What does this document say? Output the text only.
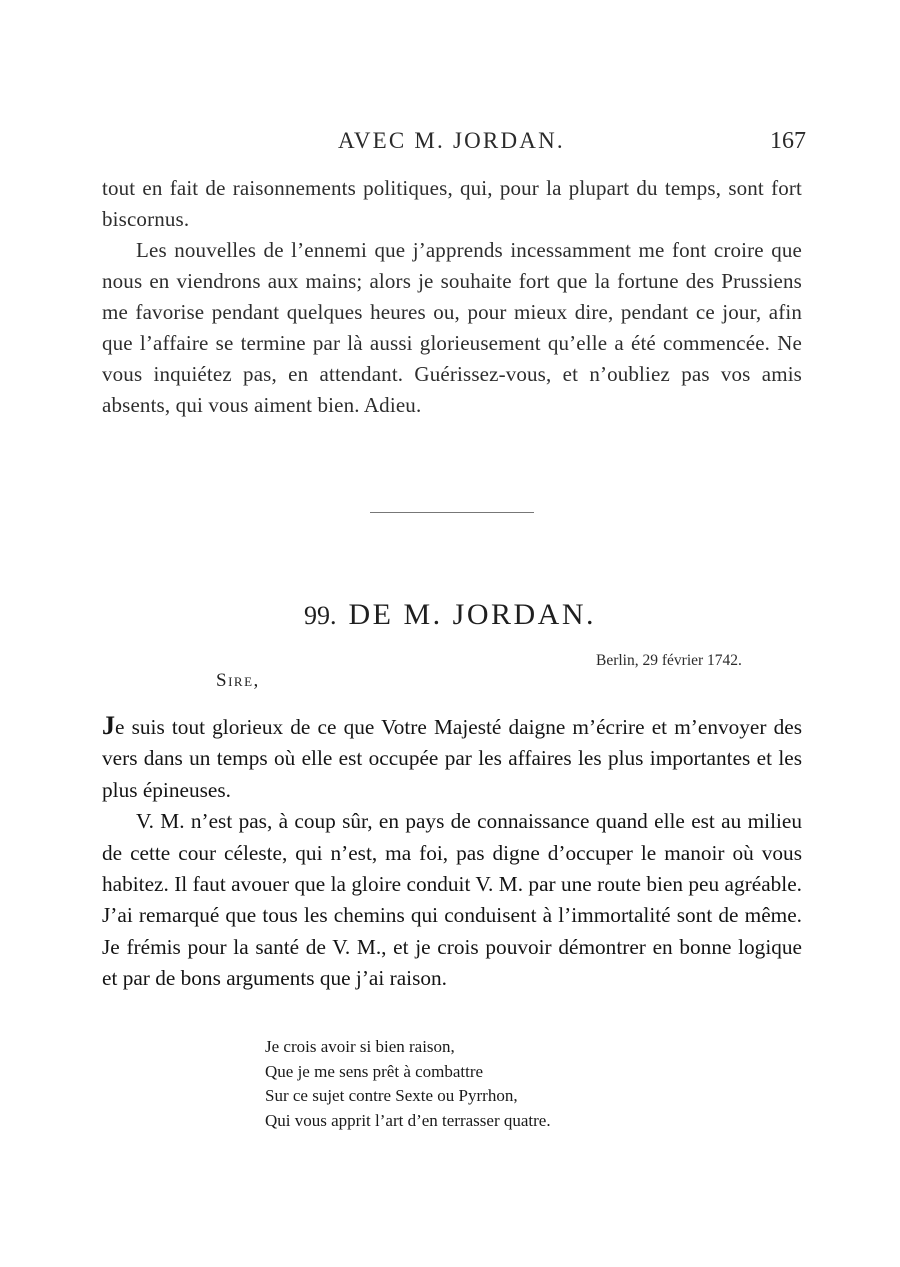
AVEC M. JORDAN.	167

tout en fait de raisonnements politiques, qui, pour la plupart du temps, sont fort biscornus.

Les nouvelles de l’ennemi que j’apprends incessamment me font croire que nous en viendrons aux mains; alors je souhaite fort que la fortune des Prussiens me favorise pendant quelques heures ou, pour mieux dire, pendant ce jour, afin que l’affaire se termine par là aussi glorieusement qu’elle a été commencée. Ne vous inquiétez pas, en attendant. Guérissez-vous, et n’oubliez pas vos amis absents, qui vous aiment bien. Adieu.

99. DE M. JORDAN.
Berlin, 29 février 1742.
Sire,

Je suis tout glorieux de ce que Votre Majesté daigne m’écrire et m’envoyer des vers dans un temps où elle est occupée par les affaires les plus importantes et les plus épineuses.

V. M. n’est pas, à coup sûr, en pays de connaissance quand elle est au milieu de cette cour céleste, qui n’est, ma foi, pas digne d’occuper le manoir où vous habitez. Il faut avouer que la gloire conduit V. M. par une route bien peu agréable. J’ai remarqué que tous les chemins qui conduisent à l’immortalité sont de même. Je frémis pour la santé de V. M., et je crois pouvoir démontrer en bonne logique et par de bons arguments que j’ai raison.

Je crois avoir si bien raison,
Que je me sens prêt à combattre
Sur ce sujet contre Sexte ou Pyrrhon,
Qui vous apprit l’art d’en terrasser quatre.
